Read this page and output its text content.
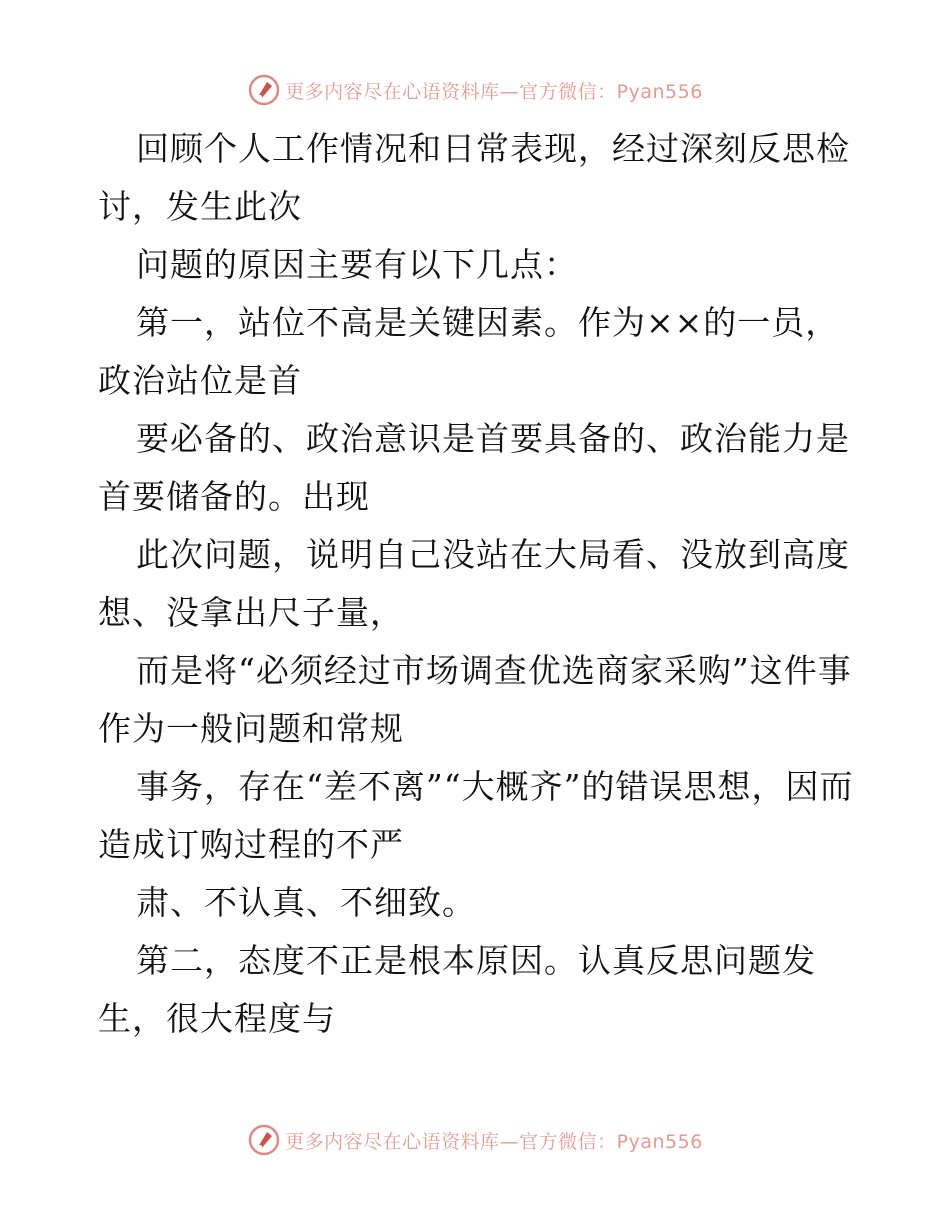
更多内容尽在心语资料库—官方微信：Pyan556

回顾个人工作情况和日常表现，经过深刻反思检讨，发生此次

问题的原因主要有以下几点：

第一，站位不高是关键因素。作为××的一员，政治站位是首

要必备的、政治意识是首要具备的、政治能力是首要储备的。出现

此次问题，说明自己没站在大局看、没放到高度想、没拿出尺子量，

而是将“必须经过市场调查优选商家采购”这件事作为一般问题和常规

事务，存在“差不离”“大概齐”的错误思想，因而造成订购过程的不严

肃、不认真、不细致。

第二，态度不正是根本原因。认真反思问题发生，很大程度与

更多内容尽在心语资料库—官方微信：Pyan556
